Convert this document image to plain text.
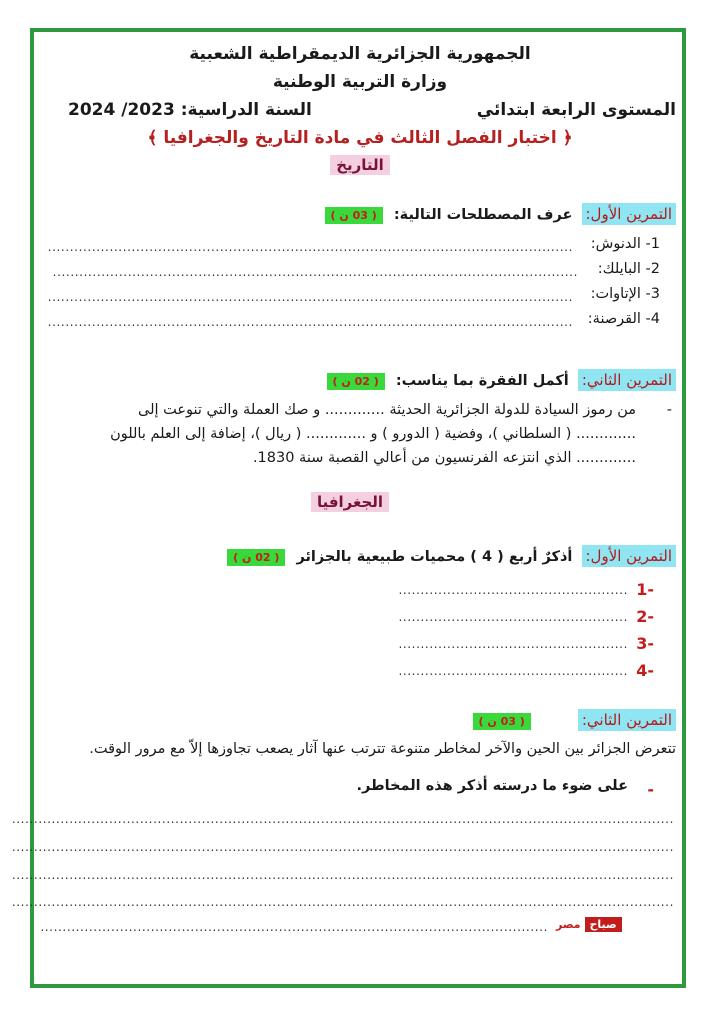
الجمهورية الجزائرية الديمقراطية الشعبية
وزارة التربية الوطنية
المستوى الرابعة ابتدائي
السنة الدراسية: 2023/ 2024
﴿ اختبار الفصل الثالث في مادة التاريخ والجغرافيا ﴾
التاريخ
التمرين الأول: عرف المصطلحات التالية: ( 03 ن )
1- الدنوش:
.......................................................................................................................
2- البايلك:
.......................................................................................................................
3- الإتاوات:
.......................................................................................................................
4- القرصنة:
.......................................................................................................................
التمرين الثاني: أكمل الفقرة بما يناسب: ( 02 ن )
-
من رموز السيادة للدولة الجزائرية الحديثة ............. و صك العملة والتي تنوعت إلى
............. ( السلطاني )، وفضية ( الدورو ) و ............. ( ريال )، إضافة إلى العلم باللون
............. الذي انتزعه الفرنسيون من أعالي القصبة سنة 1830.
الجغرافيا
التمرين الأول: أذكرٌ أربع ( 4 ) محميات طبيعية بالجزائر ( 02 ن )
-1
....................................................
-2
....................................................
-3
....................................................
-4
....................................................
التمرين الثاني: ( 03 ن )
تتعرض الجزائر بين الحين والآخر لمخاطر متنوعة تترتب عنها آثار يصعب تجاوزها إلاّ مع مرور الوقت.
-
على ضوء ما درسته أذكر هذه المخاطر.
......................................................................................................................................................
......................................................................................................................................................
......................................................................................................................................................
......................................................................................................................................................
................................................................................................................... مصر صباح
